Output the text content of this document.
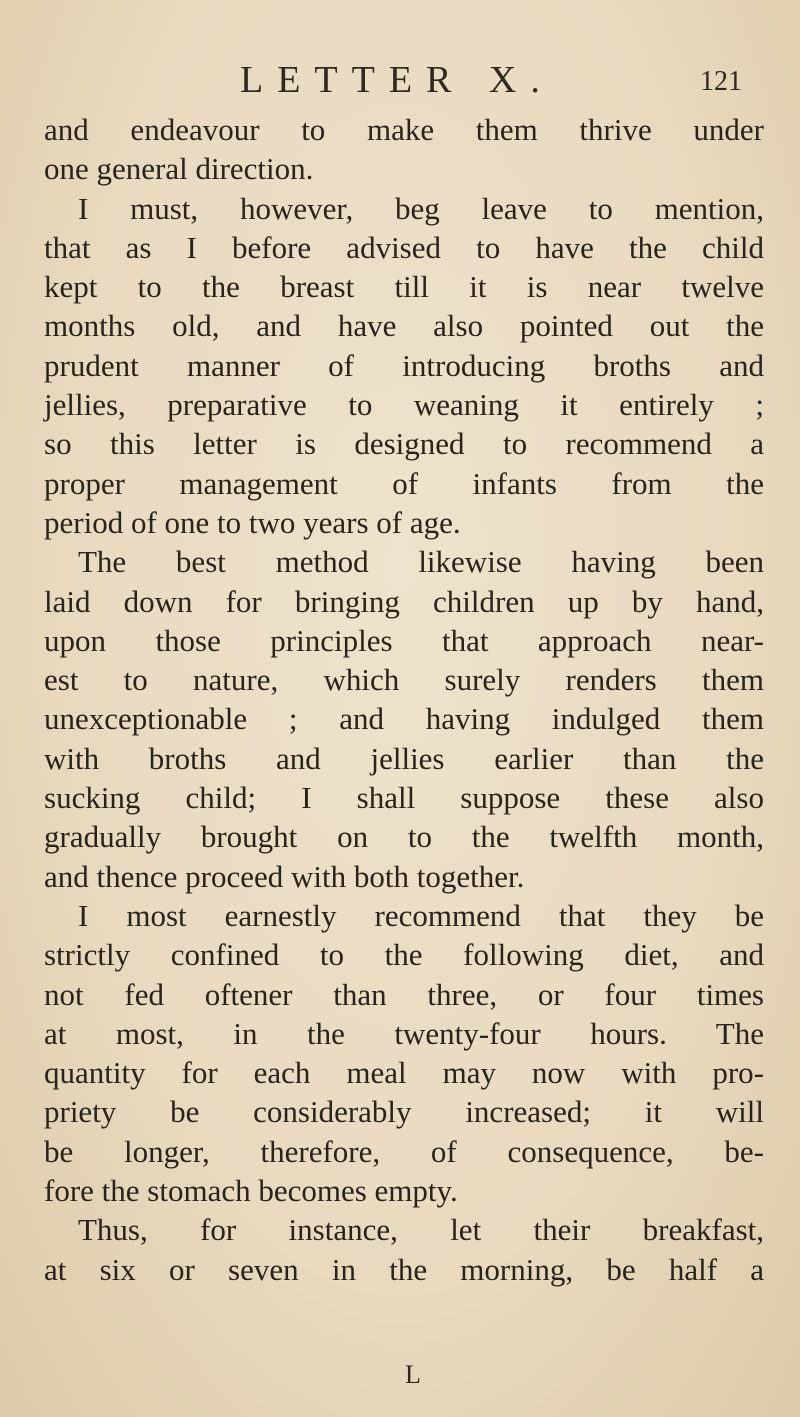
LETTER X.	121
and endeavour to make them thrive under
one general direction.
I must, however, beg leave to mention,
that as I before advised to have the child
kept to the breast till it is near twelve
months old, and have also pointed out the
prudent manner of introducing broths and
jellies, preparative to weaning it entirely ;
so this letter is designed to recommend a
proper management of infants from the
period of one to two years of age.
The best method likewise having been
laid down for bringing children up by hand,
upon those principles that approach near-
est to nature, which surely renders them
unexceptionable ; and having indulged them
with broths and jellies earlier than the
sucking child; I shall suppose these also
gradually brought on to the twelfth month,
and thence proceed with both together.
I most earnestly recommend that they be
strictly confined to the following diet, and
not fed oftener than three, or four times
at most, in the twenty-four hours. The
quantity for each meal may now with pro-
priety be considerably increased; it will
be longer, therefore, of consequence, be-
fore the stomach becomes empty.
Thus, for instance, let their breakfast,
at six or seven in the morning, be half a
L
